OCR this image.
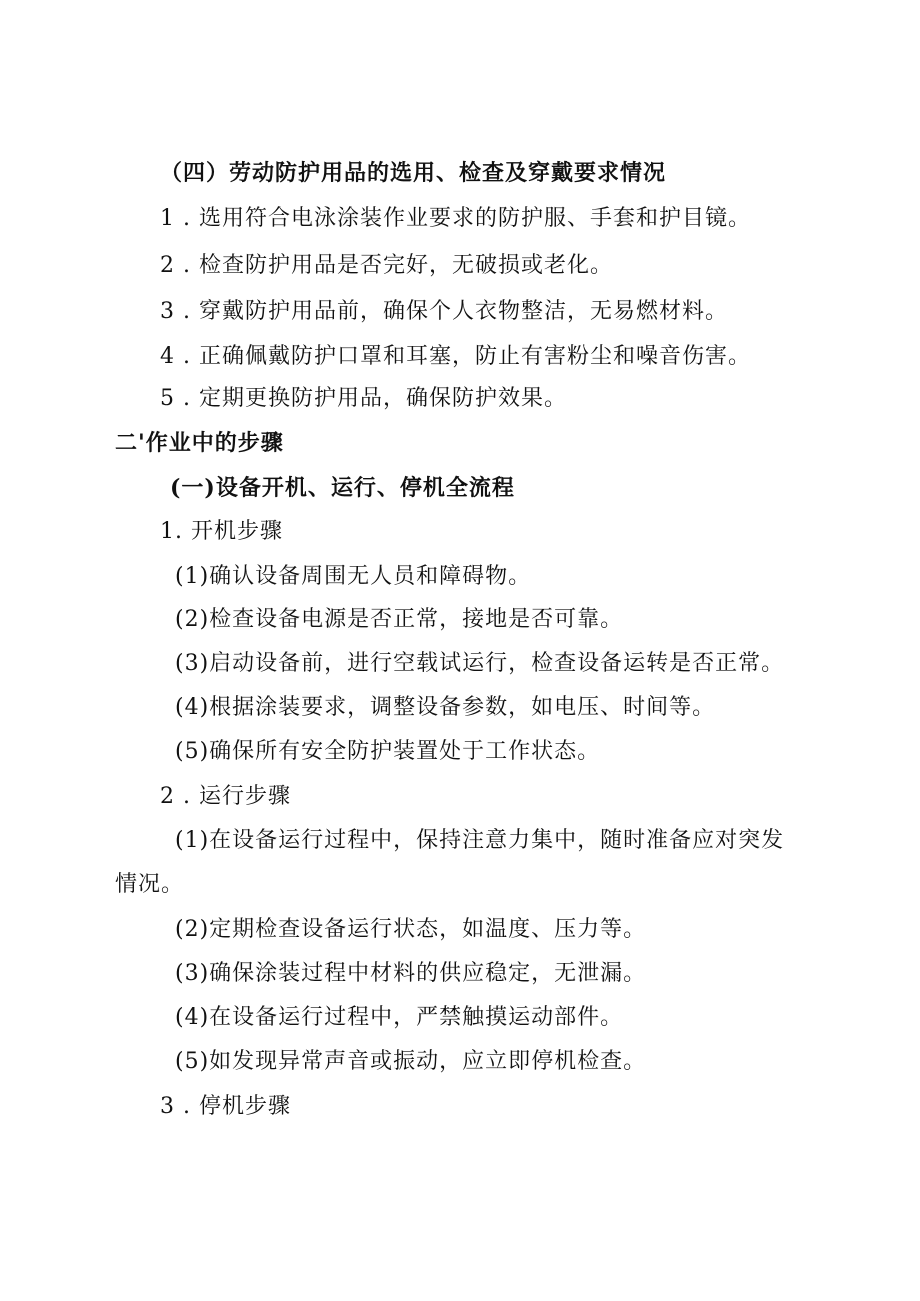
（四）劳动防护用品的选用、检查及穿戴要求情况
1 . 选用符合电泳涂装作业要求的防护服、手套和护目镜。
2 . 检查防护用品是否完好，无破损或老化。
3 . 穿戴防护用品前，确保个人衣物整洁，无易燃材料。
4 . 正确佩戴防护口罩和耳塞，防止有害粉尘和噪音伤害。
5 . 定期更换防护用品，确保防护效果。
二'作业中的步骤
(一)设备开机、运行、停机全流程
1. 开机步骤
(1)确认设备周围无人员和障碍物。
(2)检查设备电源是否正常，接地是否可靠。
(3)启动设备前，进行空载试运行，检查设备运转是否正常。
(4)根据涂装要求，调整设备参数，如电压、时间等。
(5)确保所有安全防护装置处于工作状态。
2 . 运行步骤
(1)在设备运行过程中，保持注意力集中，随时准备应对突发
情况。
(2)定期检查设备运行状态，如温度、压力等。
(3)确保涂装过程中材料的供应稳定，无泄漏。
(4)在设备运行过程中，严禁触摸运动部件。
(5)如发现异常声音或振动，应立即停机检查。
3 . 停机步骤
